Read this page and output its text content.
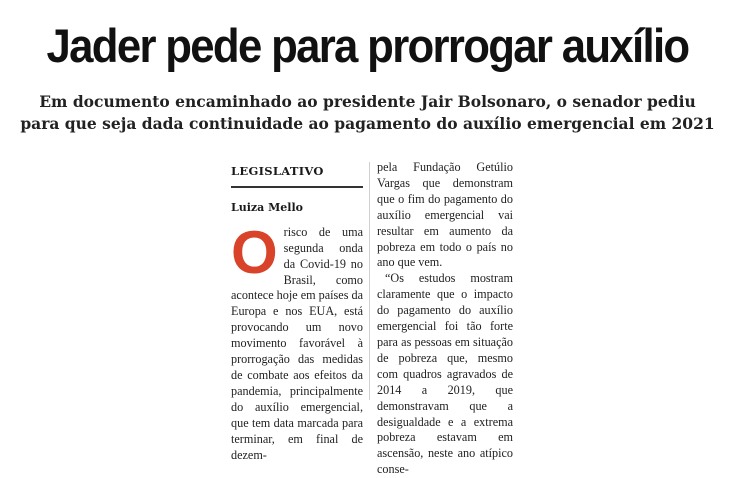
Jader pede para prorrogar auxílio

Em documento encaminhado ao presidente Jair Bolsonaro, o senador pediu para que seja dada continuidade ao pagamento do auxílio emergencial em 2021

LEGISLATIVO
Luiza Mello

Orisco de uma segunda onda da Covid-19 no Brasil, como acontece hoje em países da Europa e nos EUA, está provocando um novo movimento favorável à prorrogação das medidas de combate aos efeitos da pandemia, principalmente do auxílio emergencial, que tem data marcada para terminar, em final de dezem-

pela Fundação Getúlio Vargas que demonstram que o fim do pagamento do auxílio emergencial vai resultar em aumento da pobreza em todo o país no ano que vem.

“Os estudos mostram claramente que o impacto do pagamento do auxílio emergencial foi tão forte para as pessoas em situação de pobreza que, mesmo com quadros agravados de 2014 a 2019, que demonstravam que a desigualdade e a extrema pobreza estavam em ascensão, neste ano atípico conse-
